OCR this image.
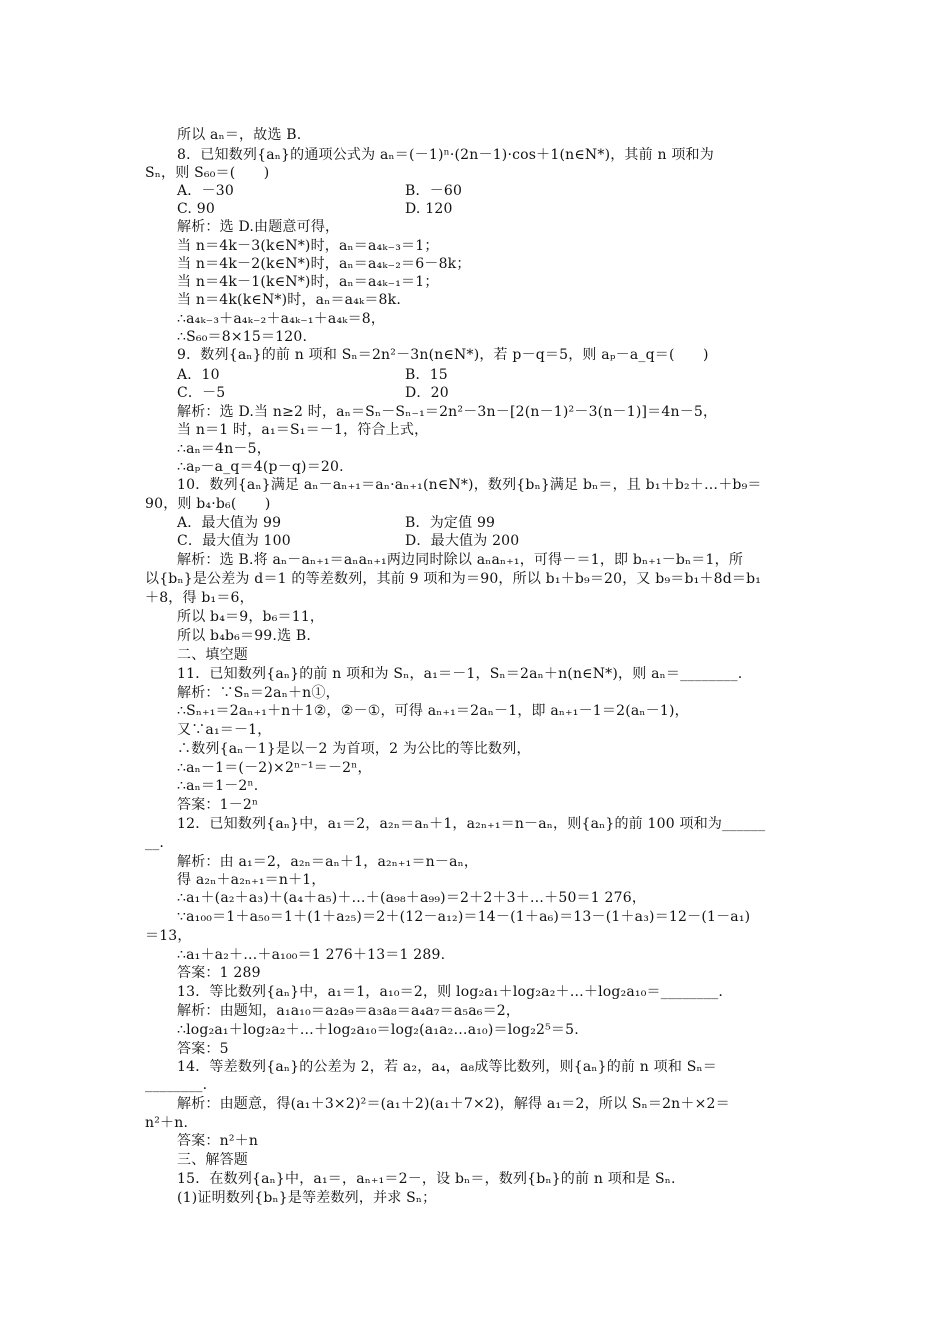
所以 aₙ＝，故选 B.
8．已知数列{aₙ}的通项公式为 aₙ＝(－1)ⁿ·(2n－1)·cos＋1(n∈N*)，其前 n 项和为
Sₙ，则 S₆₀＝(　　)
A．－30	B．－60
C. 90	D. 120
解析：选 D.由题意可得，
当 n＝4k－3(k∈N*)时，aₙ＝a₄ₖ₋₃＝1；
当 n＝4k－2(k∈N*)时，aₙ＝a₄ₖ₋₂＝6－8k；
当 n＝4k－1(k∈N*)时，aₙ＝a₄ₖ₋₁＝1；
当 n＝4k(k∈N*)时，aₙ＝a₄ₖ＝8k.
∴a₄ₖ₋₃＋a₄ₖ₋₂＋a₄ₖ₋₁＋a₄ₖ＝8，
∴S₆₀＝8×15＝120.
9．数列{aₙ}的前 n 项和 Sₙ＝2n²－3n(n∈N*)，若 p－q＝5，则 aₚ－a_q＝(　　)
A．10	B．15
C．－5	D．20
解析：选 D.当 n≥2 时，aₙ＝Sₙ－Sₙ₋₁＝2n²－3n－[2(n－1)²－3(n－1)]＝4n－5，
当 n＝1 时，a₁＝S₁＝－1，符合上式，
∴aₙ＝4n－5，
∴aₚ－a_q＝4(p－q)＝20.
10．数列{aₙ}满足 aₙ－aₙ₊₁＝aₙ·aₙ₊₁(n∈N*)，数列{bₙ}满足 bₙ＝，且 b₁＋b₂＋…＋b₉＝
90，则 b₄·b₆(　　)
A．最大值为 99	B．为定值 99
C．最大值为 100	D．最大值为 200
解析：选 B.将 aₙ－aₙ₊₁＝aₙaₙ₊₁两边同时除以 aₙaₙ₊₁，可得－＝1，即 bₙ₊₁－bₙ＝1，所
以{bₙ}是公差为 d＝1 的等差数列，其前 9 项和为＝90，所以 b₁＋b₉＝20，又 b₉＝b₁＋8d＝b₁
＋8，得 b₁＝6，
所以 b₄＝9，b₆＝11，
所以 b₄b₆＝99.选 B.
二、填空题
11．已知数列{aₙ}的前 n 项和为 Sₙ，a₁＝－1，Sₙ＝2aₙ＋n(n∈N*)，则 aₙ＝________.
解析：∵Sₙ＝2aₙ＋n①，
∴Sₙ₊₁＝2aₙ₊₁＋n＋1②，②－①，可得 aₙ₊₁＝2aₙ－1，即 aₙ₊₁－1＝2(aₙ－1)，
又∵a₁＝－1，
∴数列{aₙ－1}是以－2 为首项，2 为公比的等比数列，
∴aₙ－1＝(－2)×2ⁿ⁻¹＝－2ⁿ，
∴aₙ＝1－2ⁿ.
答案：1－2ⁿ
12．已知数列{aₙ}中，a₁＝2，a₂ₙ＝aₙ＋1，a₂ₙ₊₁＝n－aₙ，则{aₙ}的前 100 项和为______
__.
解析：由 a₁＝2，a₂ₙ＝aₙ＋1，a₂ₙ₊₁＝n－aₙ，
得 a₂ₙ＋a₂ₙ₊₁＝n＋1，
∴a₁＋(a₂＋a₃)＋(a₄＋a₅)＋…＋(a₉₈＋a₉₉)＝2＋2＋3＋…＋50＝1 276，
∵a₁₀₀＝1＋a₅₀＝1＋(1＋a₂₅)＝2＋(12－a₁₂)＝14－(1＋a₆)＝13－(1＋a₃)＝12－(1－a₁)
＝13，
∴a₁＋a₂＋…＋a₁₀₀＝1 276＋13＝1 289.
答案：1 289
13．等比数列{aₙ}中，a₁＝1，a₁₀＝2，则 log₂a₁＋log₂a₂＋…＋log₂a₁₀＝________.
解析：由题知，a₁a₁₀＝a₂a₉＝a₃a₈＝a₄a₇＝a₅a₆＝2，
∴log₂a₁＋log₂a₂＋…＋log₂a₁₀＝log₂(a₁a₂…a₁₀)＝log₂2⁵＝5.
答案：5
14．等差数列{aₙ}的公差为 2，若 a₂，a₄，a₈成等比数列，则{aₙ}的前 n 项和 Sₙ＝
________.
解析：由题意，得(a₁＋3×2)²＝(a₁＋2)(a₁＋7×2)，解得 a₁＝2，所以 Sₙ＝2n＋×2＝
n²＋n.
答案：n²＋n
三、解答题
15．在数列{aₙ}中，a₁＝，aₙ₊₁＝2－，设 bₙ＝，数列{bₙ}的前 n 项和是 Sₙ.
(1)证明数列{bₙ}是等差数列，并求 Sₙ；
